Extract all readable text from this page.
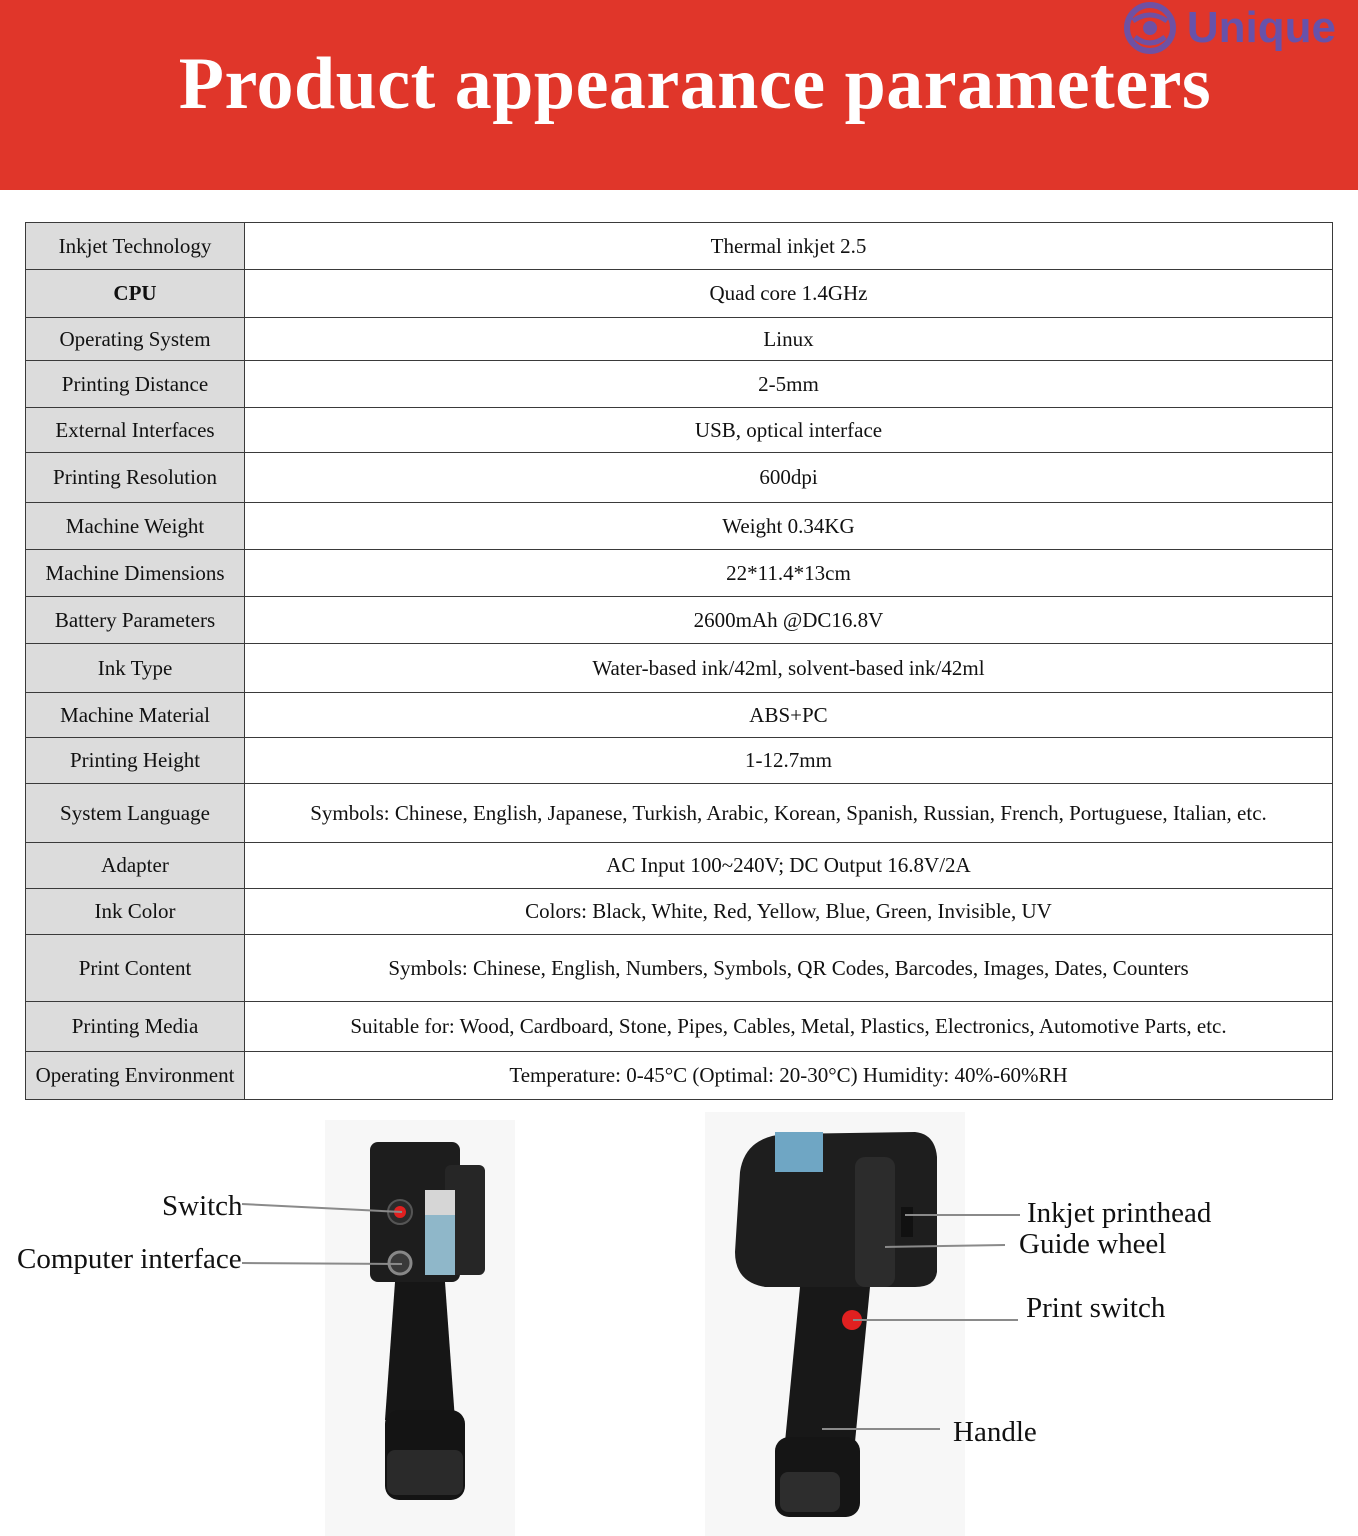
Product appearance parameters
Unique
Inkjet Technology	Thermal inkjet 2.5
CPU	Quad core 1.4GHz
Operating System	Linux
Printing Distance	2-5mm
External Interfaces	USB, optical interface
Printing Resolution	600dpi
Machine Weight	Weight 0.34KG
Machine Dimensions	22*11.4*13cm
Battery Parameters	2600mAh @DC16.8V
Ink Type	Water-based ink/42ml, solvent-based ink/42ml
Machine Material	ABS+PC
Printing Height	1-12.7mm
System Language	Symbols: Chinese, English, Japanese, Turkish, Arabic, Korean, Spanish, Russian, French, Portuguese, Italian, etc.
Adapter	AC Input 100~240V; DC Output 16.8V/2A
Ink Color	Colors: Black, White, Red, Yellow, Blue, Green, Invisible, UV
Print Content	Symbols: Chinese, English, Numbers, Symbols, QR Codes, Barcodes, Images, Dates, Counters
Printing Media	Suitable for: Wood, Cardboard, Stone, Pipes, Cables, Metal, Plastics, Electronics, Automotive Parts, etc.
Operating Environment	Temperature: 0-45°C (Optimal: 20-30°C) Humidity: 40%-60%RH
Switch
Computer interface
Inkjet printhead
Guide wheel
Print switch
Handle
